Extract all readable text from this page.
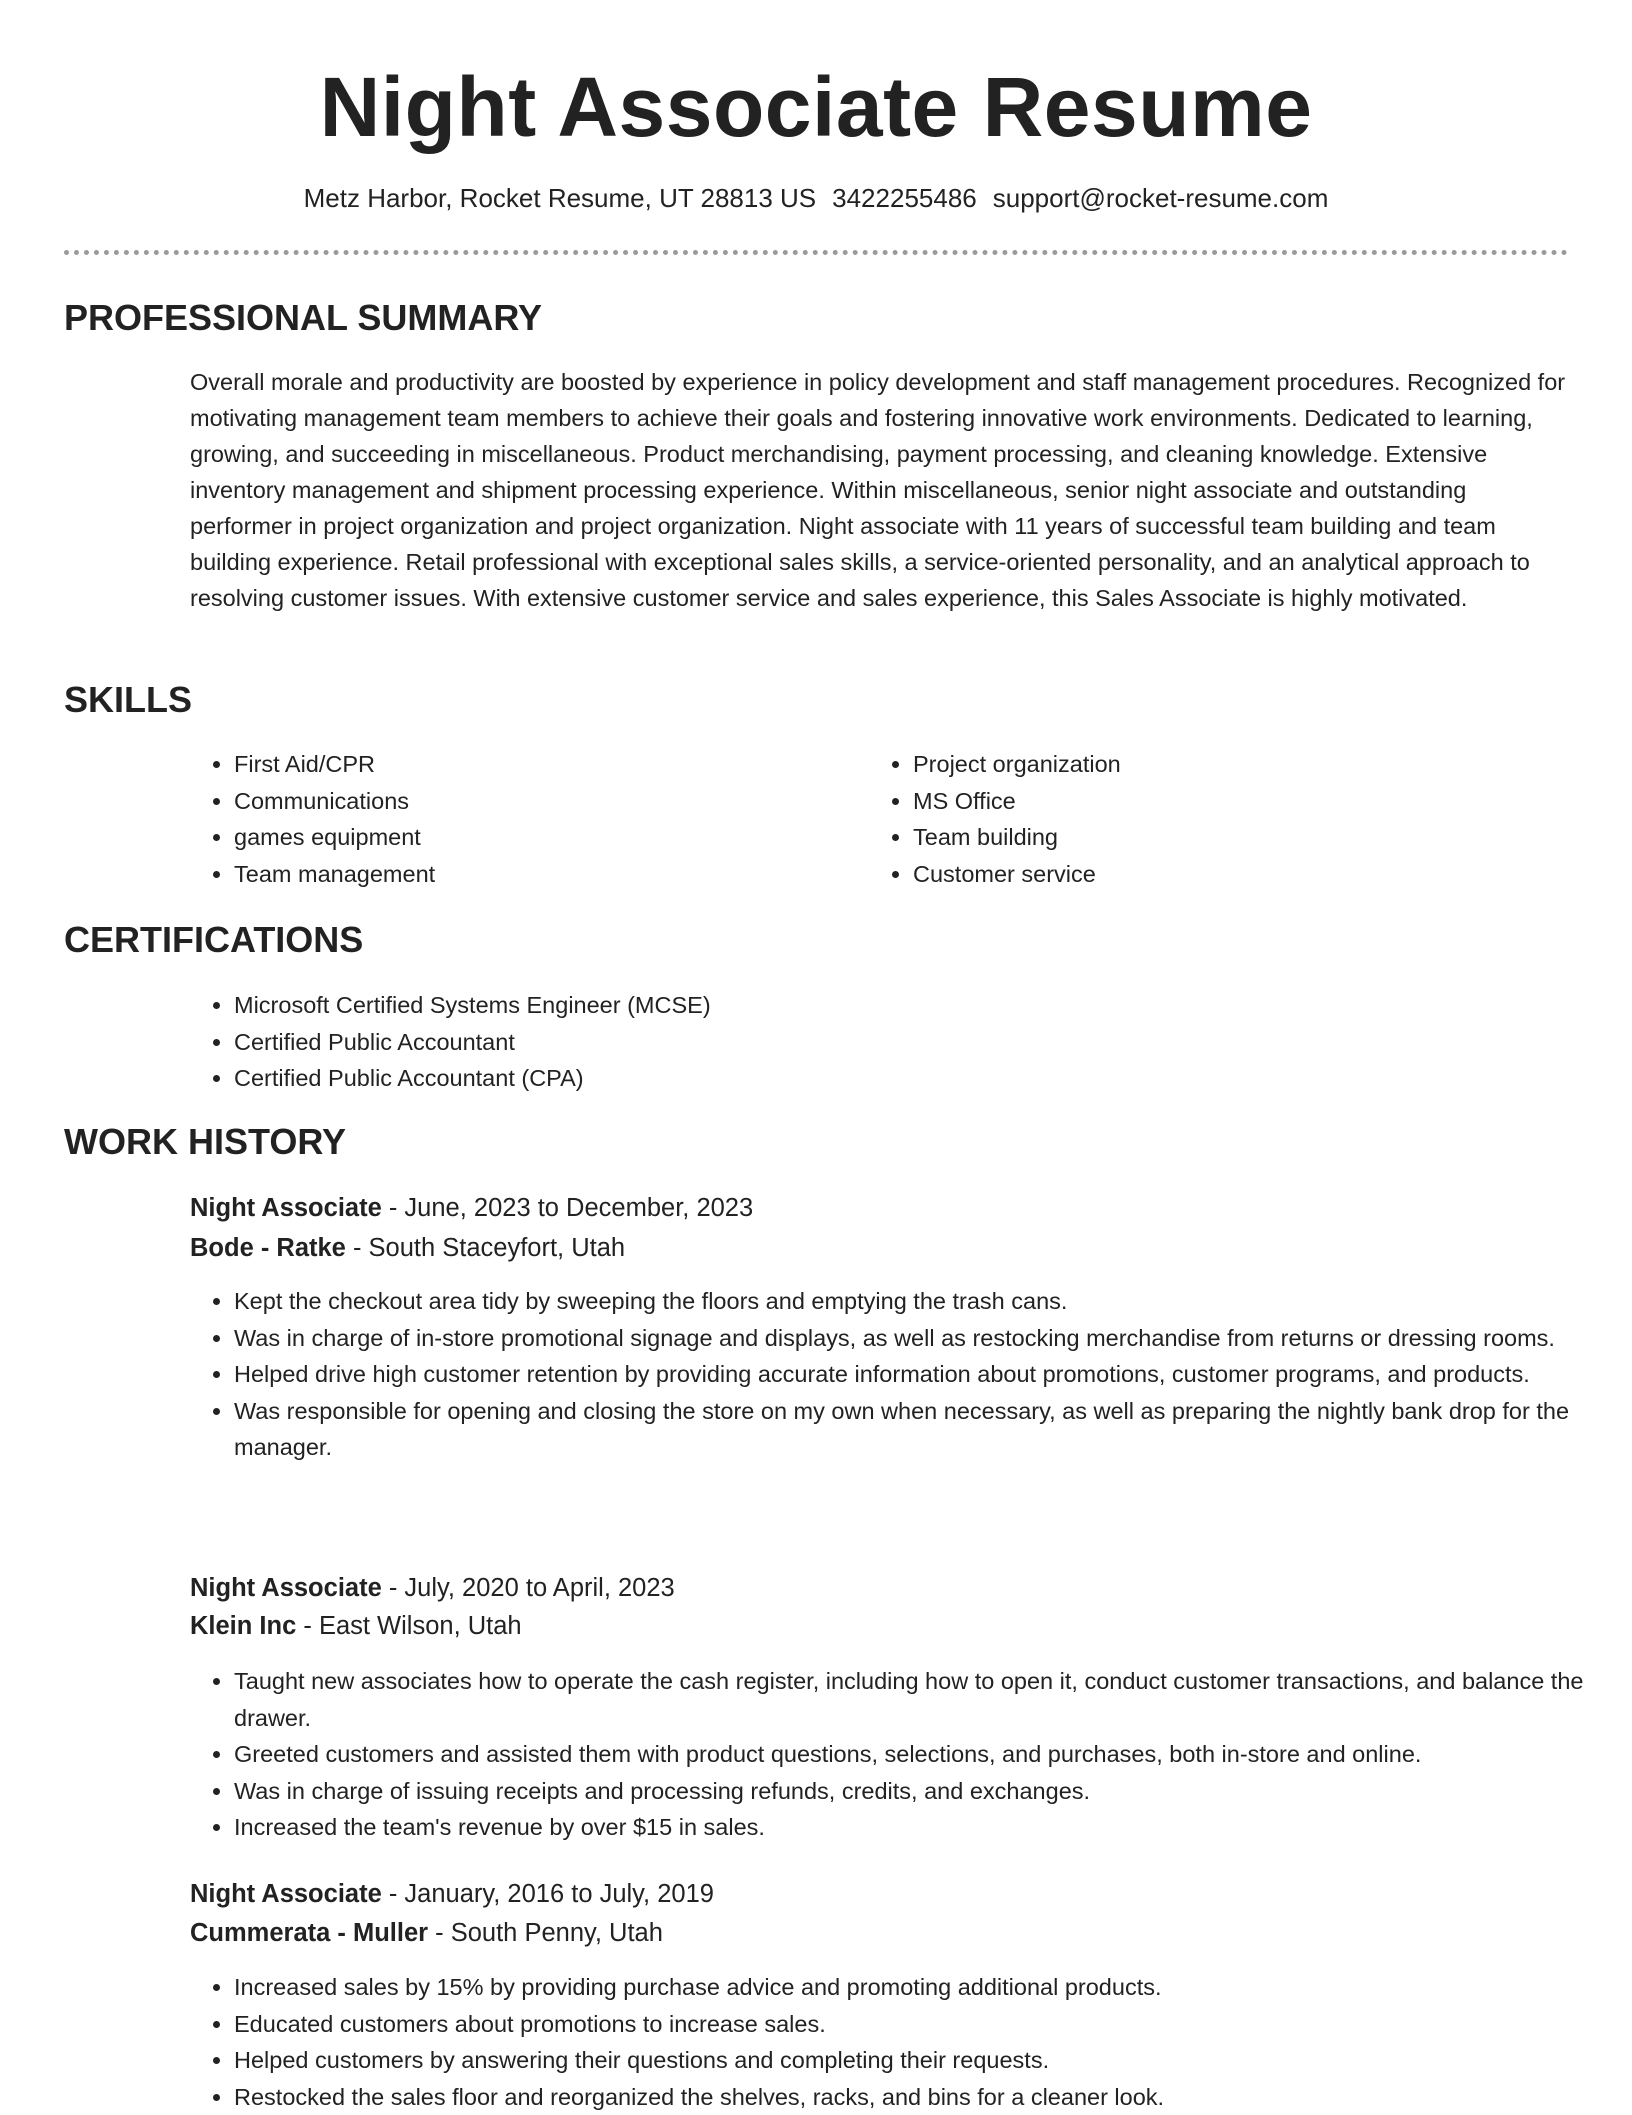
Night Associate Resume
Metz Harbor, Rocket Resume, UT 28813 US 3422255486 support@rocket-resume.com
PROFESSIONAL SUMMARY

Overall morale and productivity are boosted by experience in policy development and staff management procedures. Recognized for motivating management team members to achieve their goals and fostering innovative work environments. Dedicated to learning, growing, and succeeding in miscellaneous. Product merchandising, payment processing, and cleaning knowledge. Extensive inventory management and shipment processing experience. Within miscellaneous, senior night associate and outstanding performer in project organization and project organization. Night associate with 11 years of successful team building and team building experience. Retail professional with exceptional sales skills, a service-oriented personality, and an analytical approach to resolving customer issues. With extensive customer service and sales experience, this Sales Associate is highly motivated.

SKILLS
• First Aid/CPR
• Communications
• games equipment
• Team management
• Project organization
• MS Office
• Team building
• Customer service
CERTIFICATIONS
• Microsoft Certified Systems Engineer (MCSE)
• Certified Public Accountant
• Certified Public Accountant (CPA)
WORK HISTORY
Night Associate - June, 2023 to December, 2023
Bode - Ratke - South Staceyfort, Utah
• Kept the checkout area tidy by sweeping the floors and emptying the trash cans.
• Was in charge of in-store promotional signage and displays, as well as restocking merchandise from returns or dressing rooms.
• Helped drive high customer retention by providing accurate information about promotions, customer programs, and products.
• Was responsible for opening and closing the store on my own when necessary, as well as preparing the nightly bank drop for the manager.
Night Associate - July, 2020 to April, 2023
Klein Inc - East Wilson, Utah
• Taught new associates how to operate the cash register, including how to open it, conduct customer transactions, and balance the drawer.
• Greeted customers and assisted them with product questions, selections, and purchases, both in-store and online.
• Was in charge of issuing receipts and processing refunds, credits, and exchanges.
• Increased the team's revenue by over $15 in sales.
Night Associate - January, 2016 to July, 2019
Cummerata - Muller - South Penny, Utah
• Increased sales by 15% by providing purchase advice and promoting additional products.
• Educated customers about promotions to increase sales.
• Helped customers by answering their questions and completing their requests.
• Restocked the sales floor and reorganized the shelves, racks, and bins for a cleaner look.
